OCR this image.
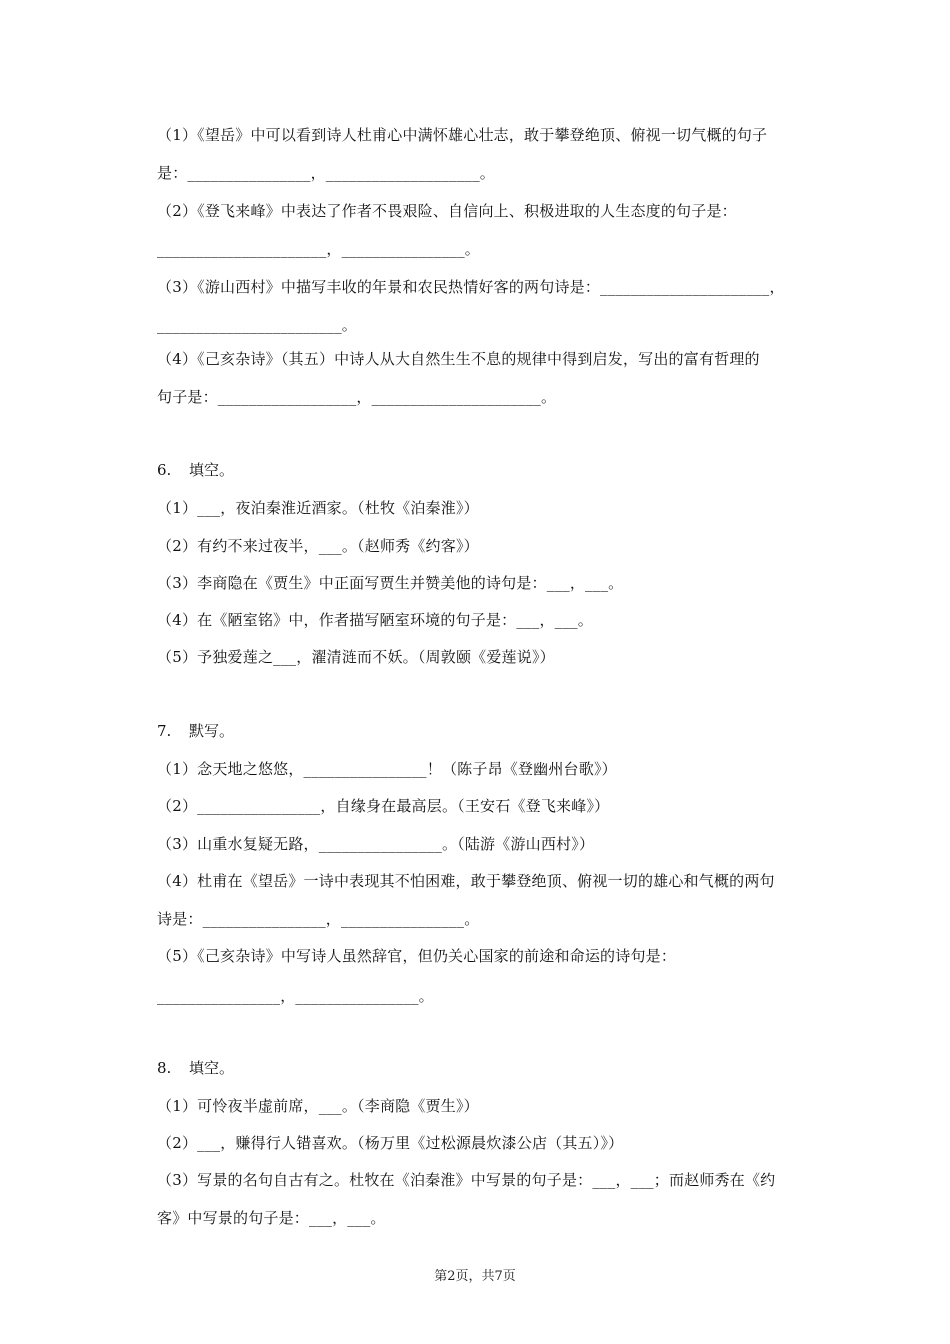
（1）《望岳》中可以看到诗人杜甫心中满怀雄心壮志，敢于攀登绝顶、俯视一切气概的句子
是：________________，____________________。
（2）《登飞来峰》中表达了作者不畏艰险、自信向上、积极进取的人生态度的句子是：
______________________，________________。
（3）《游山西村》中描写丰收的年景和农民热情好客的两句诗是：______________________，
________________________。
（4）《己亥杂诗》（其五）中诗人从大自然生生不息的规律中得到启发，写出的富有哲理的
句子是：__________________，______________________。
6. 填空。
（1）___，夜泊秦淮近酒家。（杜牧《泊秦淮》）
（2）有约不来过夜半，___。（赵师秀《约客》）
（3）李商隐在《贾生》中正面写贾生并赞美他的诗句是：___，___。
（4）在《陋室铭》中，作者描写陋室环境的句子是：___，___。
（5）予独爱莲之___，濯清涟而不妖。（周敦颐《爱莲说》）
7. 默写。
（1）念天地之悠悠，________________！（陈子昂《登幽州台歌》）
（2）________________，自缘身在最高层。（王安石《登飞来峰》）
（3）山重水复疑无路，________________。（陆游《游山西村》）
（4）杜甫在《望岳》一诗中表现其不怕困难，敢于攀登绝顶、俯视一切的雄心和气概的两句
诗是：________________，________________。
（5）《己亥杂诗》中写诗人虽然辞官，但仍关心国家的前途和命运的诗句是：
________________，________________。
8. 填空。
（1）可怜夜半虚前席，___。（李商隐《贾生》）
（2）___，赚得行人错喜欢。（杨万里《过松源晨炊漆公店（其五）》）
（3）写景的名句自古有之。杜牧在《泊秦淮》中写景的句子是：___，___；而赵师秀在《约
客》中写景的句子是：___，___。
第2页，共7页
